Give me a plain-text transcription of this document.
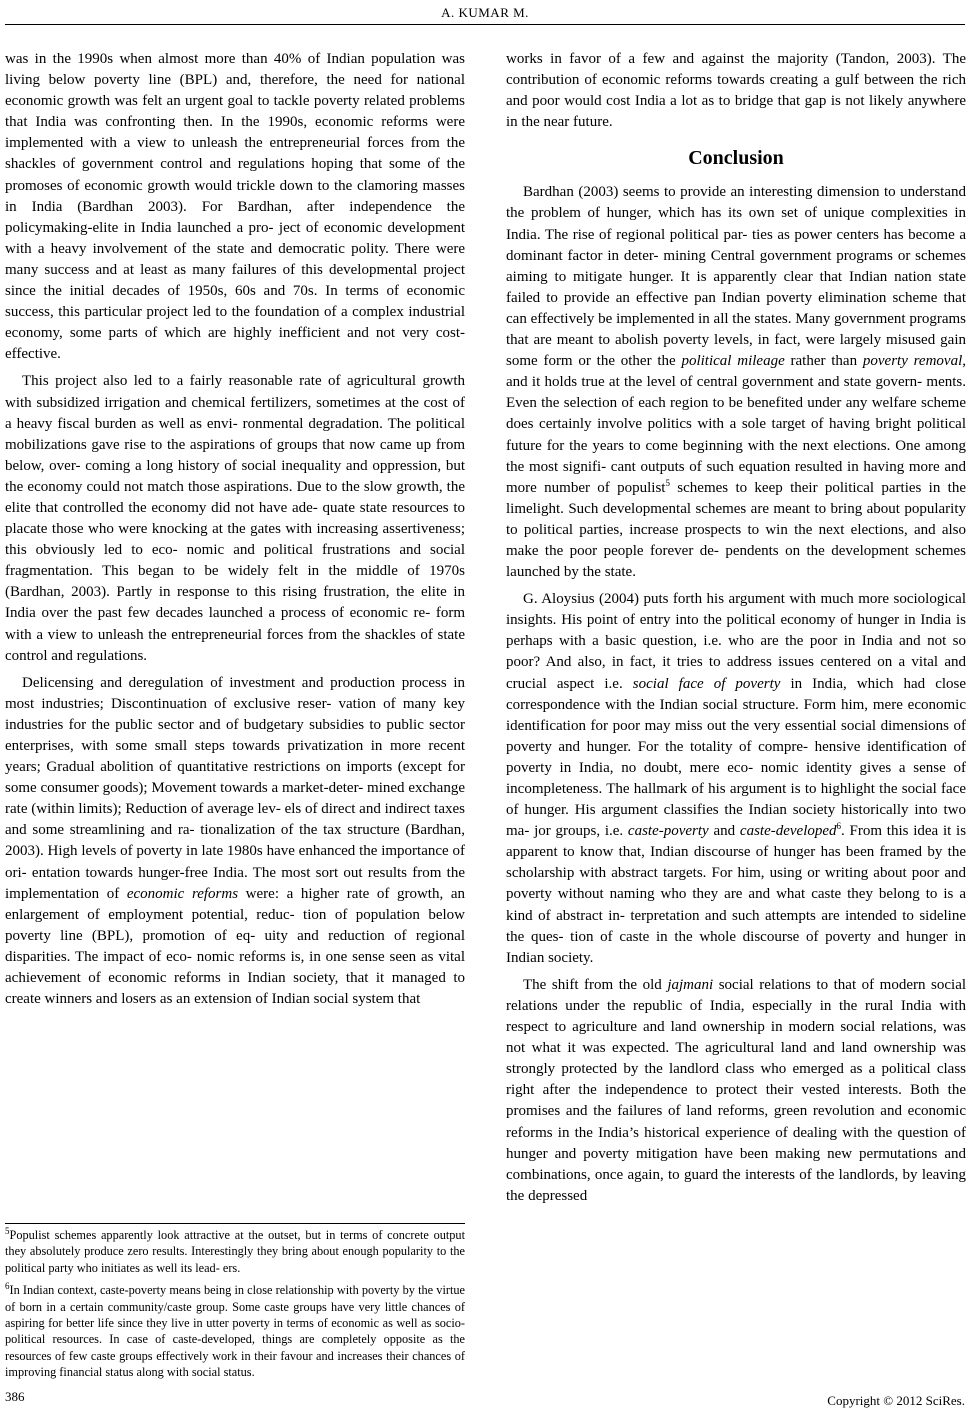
A. KUMAR M.

was in the 1990s when almost more than 40% of Indian population was living below poverty line (BPL) and, therefore, the need for national economic growth was felt an urgent goal to tackle poverty related problems that India was confronting then. In the 1990s, economic reforms were implemented with a view to unleash the entrepreneurial forces from the shackles of government control and regulations hoping that some of the promoses of economic growth would trickle down to the clamoring masses in India (Bardhan 2003). For Bardhan, after independence the policymaking-elite in India launched a pro- ject of economic development with a heavy involvement of the state and democratic polity. There were many success and at least as many failures of this developmental project since the initial decades of 1950s, 60s and 70s. In terms of economic success, this particular project led to the foundation of a complex industrial economy, some parts of which are highly inefficient and not very cost-effective.

This project also led to a fairly reasonable rate of agricultural growth with subsidized irrigation and chemical fertilizers, sometimes at the cost of a heavy fiscal burden as well as envi- ronmental degradation. The political mobilizations gave rise to the aspirations of groups that now came up from below, over- coming a long history of social inequality and oppression, but the economy could not match those aspirations. Due to the slow growth, the elite that controlled the economy did not have ade- quate state resources to placate those who were knocking at the gates with increasing assertiveness; this obviously led to eco- nomic and political frustrations and social fragmentation. This began to be widely felt in the middle of 1970s (Bardhan, 2003). Partly in response to this rising frustration, the elite in India over the past few decades launched a process of economic re- form with a view to unleash the entrepreneurial forces from the shackles of state control and regulations.

Delicensing and deregulation of investment and production process in most industries; Discontinuation of exclusive reser- vation of many key industries for the public sector and of budgetary subsidies to public sector enterprises, with some small steps towards privatization in more recent years; Gradual abolition of quantitative restrictions on imports (except for some consumer goods); Movement towards a market-deter- mined exchange rate (within limits); Reduction of average lev- els of direct and indirect taxes and some streamlining and ra- tionalization of the tax structure (Bardhan, 2003). High levels of poverty in late 1980s have enhanced the importance of ori- entation towards hunger-free India. The most sort out results from the implementation of economic reforms were: a higher rate of growth, an enlargement of employment potential, reduc- tion of population below poverty line (BPL), promotion of eq- uity and reduction of regional disparities. The impact of eco- nomic reforms is, in one sense seen as vital achievement of economic reforms in Indian society, that it managed to create winners and losers as an extension of Indian social system that

$^5$Populist schemes apparently look attractive at the outset, but in terms of concrete output they absolutely produce zero results. Interestingly they bring about enough popularity to the political party who initiates as well its lead- ers.

$^6$In Indian context, caste-poverty means being in close relationship with poverty by the virtue of born in a certain community/caste group. Some caste groups have very little chances of aspiring for better life since they live in utter poverty in terms of economic as well as socio-political resources. In case of caste-developed, things are completely opposite as the resources of few caste groups effectively work in their favour and increases their chances of improving financial status along with social status.

works in favor of a few and against the majority (Tandon, 2003). The contribution of economic reforms towards creating a gulf between the rich and poor would cost India a lot as to bridge that gap is not likely anywhere in the near future.

Conclusion

Bardhan (2003) seems to provide an interesting dimension to understand the problem of hunger, which has its own set of unique complexities in India. The rise of regional political par- ties as power centers has become a dominant factor in deter- mining Central government programs or schemes aiming to mitigate hunger. It is apparently clear that Indian nation state failed to provide an effective pan Indian poverty elimination scheme that can effectively be implemented in all the states. Many government programs that are meant to abolish poverty levels, in fact, were largely misused gain some form or the other the political mileage rather than poverty removal, and it holds true at the level of central government and state govern- ments. Even the selection of each region to be benefited under any welfare scheme does certainly involve politics with a sole target of having bright political future for the years to come beginning with the next elections. One among the most signifi- cant outputs of such equation resulted in having more and more number of populist$^5$ schemes to keep their political parties in the limelight. Such developmental schemes are meant to bring about popularity to political parties, increase prospects to win the next elections, and also make the poor people forever de- pendents on the development schemes launched by the state.

G. Aloysius (2004) puts forth his argument with much more sociological insights. His point of entry into the political economy of hunger in India is perhaps with a basic question, i.e. who are the poor in India and not so poor? And also, in fact, it tries to address issues centered on a vital and crucial aspect i.e. social face of poverty in India, which had close correspondence with the Indian social structure. Form him, mere economic identification for poor may miss out the very essential social dimensions of poverty and hunger. For the totality of compre- hensive identification of poverty in India, no doubt, mere eco- nomic identity gives a sense of incompleteness. The hallmark of his argument is to highlight the social face of hunger. His argument classifies the Indian society historically into two ma- jor groups, i.e. caste-poverty and caste-developed$^6$. From this idea it is apparent to know that, Indian discourse of hunger has been framed by the scholarship with abstract targets. For him, using or writing about poor and poverty without naming who they are and what caste they belong to is a kind of abstract in- terpretation and such attempts are intended to sideline the ques- tion of caste in the whole discourse of poverty and hunger in Indian society.

The shift from the old jajmani social relations to that of modern social relations under the republic of India, especially in the rural India with respect to agriculture and land ownership in modern social relations, was not what it was expected. The agricultural land and land ownership was strongly protected by the landlord class who emerged as a political class right after the independence to protect their vested interests. Both the promises and the failures of land reforms, green revolution and economic reforms in the India’s historical experience of dealing with the question of hunger and poverty mitigation have been making new permutations and combinations, once again, to guard the interests of the landlords, by leaving the depressed

386	Copyright © 2012 SciRes.
